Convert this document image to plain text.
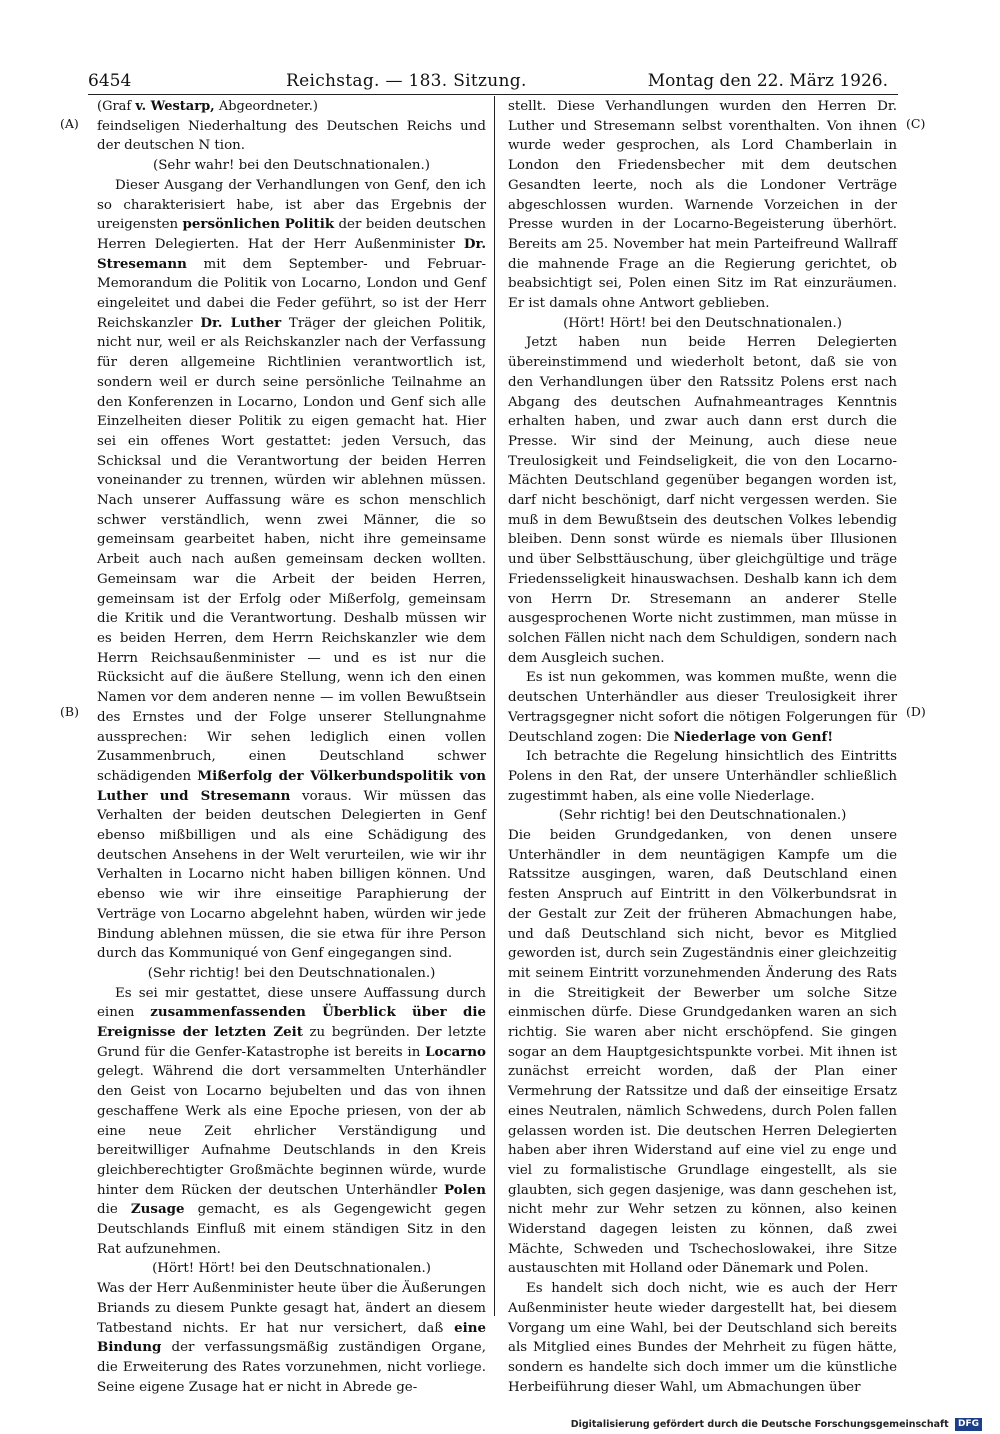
6454	Reichstag. — 183. Sitzung.	Montag den 22. März 1926.
(A)
(B)
(C)
(D)

(Graf v. Westarp, Abgeordneter.)

feindseligen Niederhaltung des Deutschen Reichs und der deutschen N tion.

(Sehr wahr! bei den Deutschnationalen.)

Dieser Ausgang der Verhandlungen von Genf, den ich so charakterisiert habe, ist aber das Ergebnis der ureigensten persönlichen Politik der beiden deutschen Herren Delegierten. Hat der Herr Außenminister Dr. Stresemann mit dem September- und Februar-Memorandum die Politik von Locarno, London und Genf eingeleitet und dabei die Feder geführt, so ist der Herr Reichskanzler Dr. Luther Träger der gleichen Politik, nicht nur, weil er als Reichskanzler nach der Verfassung für deren allgemeine Richtlinien verantwortlich ist, sondern weil er durch seine persönliche Teilnahme an den Konferenzen in Locarno, London und Genf sich alle Einzelheiten dieser Politik zu eigen gemacht hat. Hier sei ein offenes Wort gestattet: jeden Versuch, das Schicksal und die Verantwortung der beiden Herren voneinander zu trennen, würden wir ablehnen müssen. Nach unserer Auffassung wäre es schon menschlich schwer verständlich, wenn zwei Männer, die so gemeinsam gearbeitet haben, nicht ihre gemeinsame Arbeit auch nach außen gemeinsam decken wollten. Gemeinsam war die Arbeit der beiden Herren, gemeinsam ist der Erfolg oder Mißerfolg, gemeinsam die Kritik und die Verantwortung. Deshalb müssen wir es beiden Herren, dem Herrn Reichskanzler wie dem Herrn Reichsaußenminister — und es ist nur die Rücksicht auf die äußere Stellung, wenn ich den einen Namen vor dem anderen nenne — im vollen Bewußtsein des Ernstes und der Folge unserer Stellungnahme aussprechen: Wir sehen lediglich einen vollen Zusammenbruch, einen Deutschland schwer schädigenden Mißerfolg der Völkerbundspolitik von Luther und Stresemann voraus. Wir müssen das Verhalten der beiden deutschen Delegierten in Genf ebenso mißbilligen und als eine Schädigung des deutschen Ansehens in der Welt verurteilen, wie wir ihr Verhalten in Locarno nicht haben billigen können. Und ebenso wie wir ihre einseitige Paraphierung der Verträge von Locarno abgelehnt haben, würden wir jede Bindung ablehnen müssen, die sie etwa für ihre Person durch das Kommuniqué von Genf eingegangen sind.

(Sehr richtig! bei den Deutschnationalen.)

Es sei mir gestattet, diese unsere Auffassung durch einen zusammenfassenden Überblick über die Ereignisse der letzten Zeit zu begründen. Der letzte Grund für die Genfer-Katastrophe ist bereits in Locarno gelegt. Während die dort versammelten Unterhändler den Geist von Locarno bejubelten und das von ihnen geschaffene Werk als eine Epoche priesen, von der ab eine neue Zeit ehrlicher Verständigung und bereitwilliger Aufnahme Deutschlands in den Kreis gleichberechtigter Großmächte beginnen würde, wurde hinter dem Rücken der deutschen Unterhändler Polen die Zusage gemacht, es als Gegengewicht gegen Deutschlands Einfluß mit einem ständigen Sitz in den Rat aufzunehmen.

(Hört! Hört! bei den Deutschnationalen.)

Was der Herr Außenminister heute über die Äußerungen Briands zu diesem Punkte gesagt hat, ändert an diesem Tatbestand nichts. Er hat nur versichert, daß eine Bindung der verfassungsmäßig zuständigen Organe, die Erweiterung des Rates vorzunehmen, nicht vorliege. Seine eigene Zusage hat er nicht in Abrede ge-

stellt. Diese Verhandlungen wurden den Herren Dr. Luther und Stresemann selbst vorenthalten. Von ihnen wurde weder gesprochen, als Lord Chamberlain in London den Friedensbecher mit dem deutschen Gesandten leerte, noch als die Londoner Verträge abgeschlossen wurden. Warnende Vorzeichen in der Presse wurden in der Locarno-Begeisterung überhört. Bereits am 25. November hat mein Parteifreund Wallraff die mahnende Frage an die Regierung gerichtet, ob beabsichtigt sei, Polen einen Sitz im Rat einzuräumen. Er ist damals ohne Antwort geblieben.

(Hört! Hört! bei den Deutschnationalen.)

Jetzt haben nun beide Herren Delegierten übereinstimmend und wiederholt betont, daß sie von den Verhandlungen über den Ratssitz Polens erst nach Abgang des deutschen Aufnahmeantrages Kenntnis erhalten haben, und zwar auch dann erst durch die Presse. Wir sind der Meinung, auch diese neue Treulosigkeit und Feindseligkeit, die von den Locarno-Mächten Deutschland gegenüber begangen worden ist, darf nicht beschönigt, darf nicht vergessen werden. Sie muß in dem Bewußtsein des deutschen Volkes lebendig bleiben. Denn sonst würde es niemals über Illusionen und über Selbsttäuschung, über gleichgültige und träge Friedensseligkeit hinauswachsen. Deshalb kann ich dem von Herrn Dr. Stresemann an anderer Stelle ausgesprochenen Worte nicht zustimmen, man müsse in solchen Fällen nicht nach dem Schuldigen, sondern nach dem Ausgleich suchen.

Es ist nun gekommen, was kommen mußte, wenn die deutschen Unterhändler aus dieser Treulosigkeit ihrer Vertragsgegner nicht sofort die nötigen Folgerungen für Deutschland zogen: Die Niederlage von Genf!

Ich betrachte die Regelung hinsichtlich des Eintritts Polens in den Rat, der unsere Unterhändler schließlich zugestimmt haben, als eine volle Niederlage.

(Sehr richtig! bei den Deutschnationalen.)

Die beiden Grundgedanken, von denen unsere Unterhändler in dem neuntägigen Kampfe um die Ratssitze ausgingen, waren, daß Deutschland einen festen Anspruch auf Eintritt in den Völkerbundsrat in der Gestalt zur Zeit der früheren Abmachungen habe, und daß Deutschland sich nicht, bevor es Mitglied geworden ist, durch sein Zugeständnis einer gleichzeitig mit seinem Eintritt vorzunehmenden Änderung des Rats in die Streitigkeit der Bewerber um solche Sitze einmischen dürfe. Diese Grundgedanken waren an sich richtig. Sie waren aber nicht erschöpfend. Sie gingen sogar an dem Hauptgesichtspunkte vorbei. Mit ihnen ist zunächst erreicht worden, daß der Plan einer Vermehrung der Ratssitze und daß der einseitige Ersatz eines Neutralen, nämlich Schwedens, durch Polen fallen gelassen worden ist. Die deutschen Herren Delegierten haben aber ihren Widerstand auf eine viel zu enge und viel zu formalistische Grundlage eingestellt, als sie glaubten, sich gegen dasjenige, was dann geschehen ist, nicht mehr zur Wehr setzen zu können, also keinen Widerstand dagegen leisten zu können, daß zwei Mächte, Schweden und Tschechoslowakei, ihre Sitze austauschten mit Holland oder Dänemark und Polen.

Es handelt sich doch nicht, wie es auch der Herr Außenminister heute wieder dargestellt hat, bei diesem Vorgang um eine Wahl, bei der Deutschland sich bereits als Mitglied eines Bundes der Mehrheit zu fügen hätte, sondern es handelte sich doch immer um die künstliche Herbeiführung dieser Wahl, um Abmachungen über

Digitalisierung gefördert durch die Deutsche Forschungsgemeinschaft DFG
